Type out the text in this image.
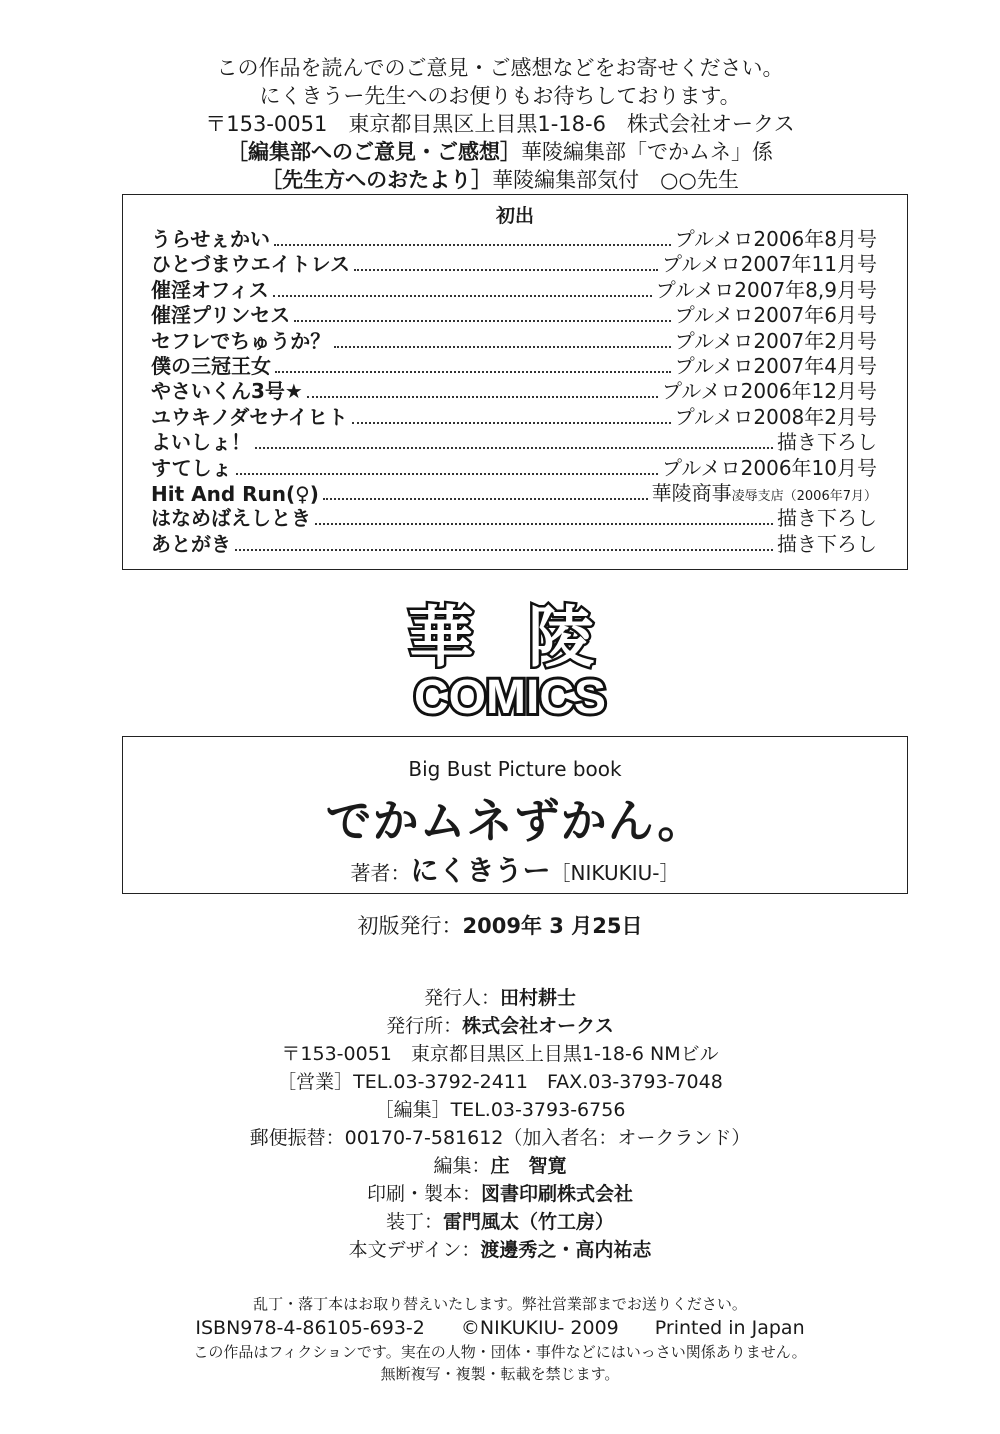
この作品を読んでのご意見・ご感想などをお寄せください。
にくきうー先生へのお便りもお待ちしております。
〒153-0051　東京都目黒区上目黒1-18-6　株式会社オークス
［編集部へのご意見・ご感想］華陵編集部「でかムネ」係
［先生方へのおたより］華陵編集部気付　○○先生
初出
うらせぇかい	プルメロ2006年8月号
ひとづまウエイトレス	プルメロ2007年11月号
催淫オフィス	プルメロ2007年8,9月号
催淫プリンセス	プルメロ2007年6月号
セフレでちゅうか？	プルメロ2007年2月号
僕の三冠王女	プルメロ2007年4月号
やさいくん3号★	プルメロ2006年12月号
ユウキノダセナイヒト	プルメロ2008年2月号
よいしょ！	描き下ろし
すてしょ	プルメロ2006年10月号
Hit And Run(♀)	華陵商事凌辱支店（2006年7月）
はなめばえしとき	描き下ろし
あとがき	描き下ろし
華 陵
COMICS
Big Bust Picture book
でかムネずかん。
著者：にくきうー［NIKUKIU-］
初版発行：2009年 3 月25日
発行人：田村耕士
発行所：株式会社オークス
〒153-0051　東京都目黒区上目黒1-18-6 NMビル
［営業］TEL.03-3792-2411　FAX.03-3793-7048
［編集］TEL.03-3793-6756
郵便振替：00170-7-581612（加入者名：オークランド）
編集：庄　智寛
印刷・製本：図書印刷株式会社
装丁：雷門風太（竹工房）
本文デザイン：渡邊秀之・高内祐志
乱丁・落丁本はお取り替えいたします。弊社営業部までお送りください。
ISBN978-4-86105-693-2 ©NIKUKIU- 2009 Printed in Japan
この作品はフィクションです。実在の人物・団体・事件などにはいっさい関係ありません。
無断複写・複製・転載を禁じます。
